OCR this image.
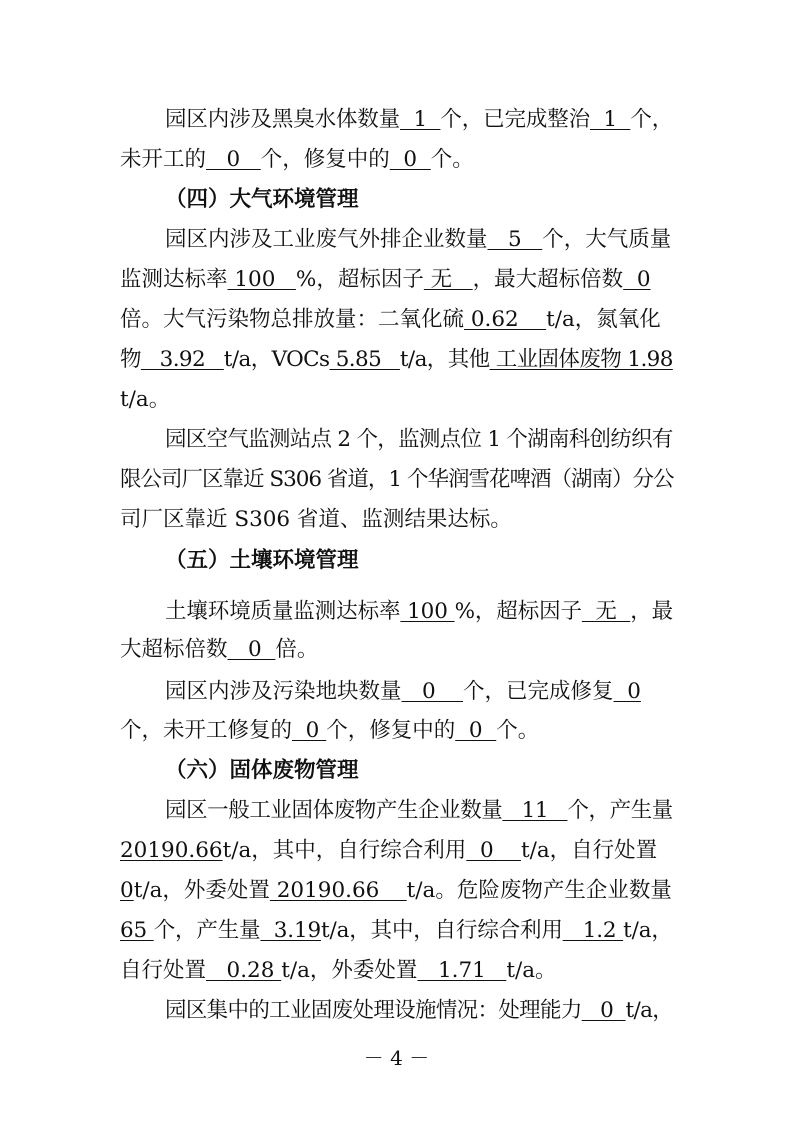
园区内涉及黑臭水体数量  1  个，已完成整治  1  个，
未开工的   0   个，修复中的  0  个。
（四）大气环境管理
园区内涉及工业废气外排企业数量   5   个，大气质量
监测达标率 100   %，超标因子 无   ，最大超标倍数  0
倍。大气污染物总排放量：二氧化硫 0.62    t/a，氮氧化
物   3.92   t/a，VOCs 5.85   t/a，其他 工业固体废物 1.98
t/a。
园区空气监测站点 2 个，监测点位 1 个湖南科创纺织有
限公司厂区靠近 S306 省道，1 个华润雪花啤酒（湖南）分公
司厂区靠近 S306 省道、监测结果达标。
（五）土壤环境管理
土壤环境质量监测达标率 100 %，超标因子  无  ，最
大超标倍数   0  倍。
园区内涉及污染地块数量   0    个，已完成修复  0
个，未开工修复的  0 个，修复中的  0  个。
（六）固体废物管理
园区一般工业固体废物产生企业数量   11   个，产生量
20190.66t/a，其中，自行综合利用  0    t/a，自行处置
0t/a，外委处置 20190.66    t/a。危险废物产生企业数量
65 个，产生量  3.19t/a，其中，自行综合利用   1.2 t/a，
自行处置   0.28 t/a，外委处置   1.71   t/a。
园区集中的工业固废处理设施情况：处理能力   0  t/a，
－ 4 －
